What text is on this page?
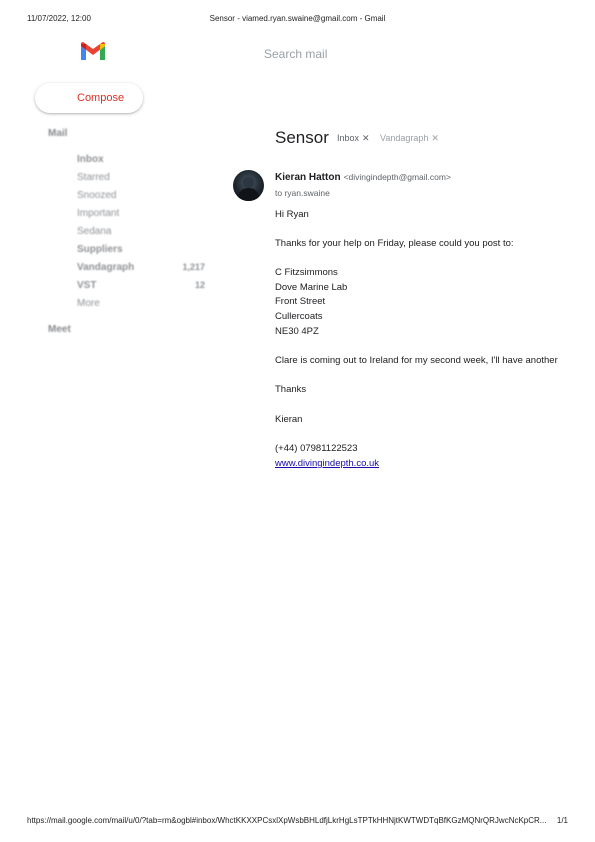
11/07/2022, 12:00	Sensor - viamed.ryan.swaine@gmail.com - Gmail
Search mail
Compose
Mail
Inbox
Starred
Snoozed
Important
Sedana
Suppliers
Vandagraph	1,217
VST	12
More
Meet
Sensor Inbox ✕ Vandagraph ✕
Kieran Hatton <divingindepth@gmail.com>
to ryan.swaine
Hi Ryan
Thanks for your help on Friday, please could you post to:
C Fitzsimmons
Dove Marine Lab
Front Street
Cullercoats
NE30 4PZ
Clare is coming out to Ireland for my second week, I'll have another
Thanks
Kieran
(+44) 07981122523
www.divingindepth.co.uk
https://mail.google.com/mail/u/0/?tab=rm&ogbl#inbox/WhctKKXXPCsxlXpWsbBHLdfjLkrHgLsTPTkHHNjtKWTWDTqBfKGzMQNrQRJwcNcKpCR...	1/1
